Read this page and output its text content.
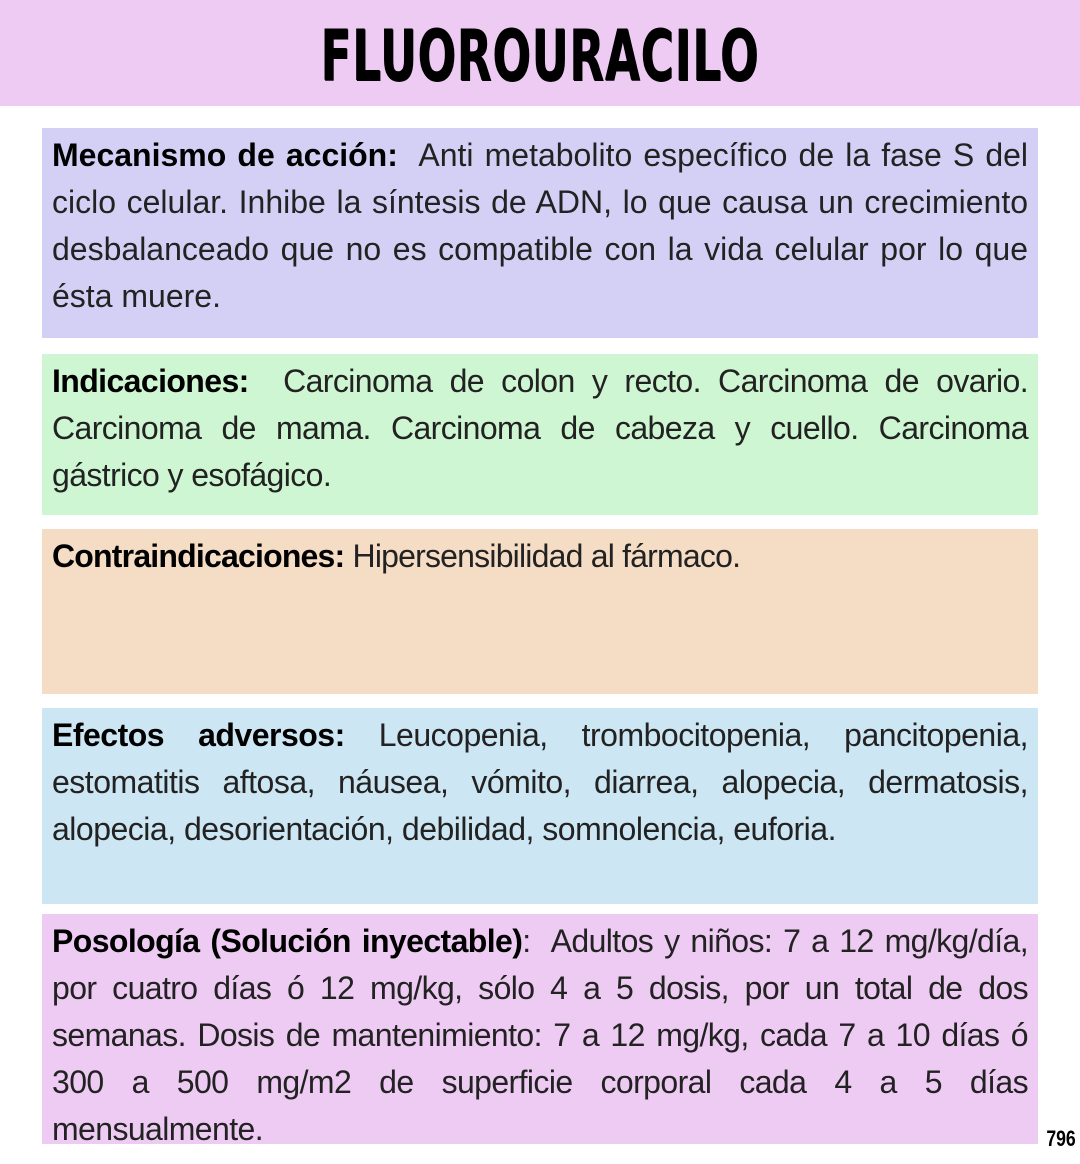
FLUOROURACILO
Mecanismo de acción: Anti metabolito específico de la fase S del ciclo celular. Inhibe la síntesis de ADN, lo que causa un crecimiento desbalanceado que no es compatible con la vida celular por lo que ésta muere.
Indicaciones: Carcinoma de colon y recto. Carcinoma de ovario. Carcinoma de mama. Carcinoma de cabeza y cuello. Carcinoma gástrico y esofágico.
Contraindicaciones: Hipersensibilidad al fármaco.
Efectos adversos: Leucopenia, trombocitopenia, pancitopenia, estomatitis aftosa, náusea, vómito, diarrea, alopecia, dermatosis, alopecia, desorientación, debilidad, somnolencia, euforia.
Posología (Solución inyectable): Adultos y niños: 7 a 12 mg/kg/día, por cuatro días ó 12 mg/kg, sólo 4 a 5 dosis, por un total de dos semanas. Dosis de mantenimiento: 7 a 12 mg/kg, cada 7 a 10 días ó 300 a 500 mg/m2 de superficie corporal cada 4 a 5 días mensualmente.	796
